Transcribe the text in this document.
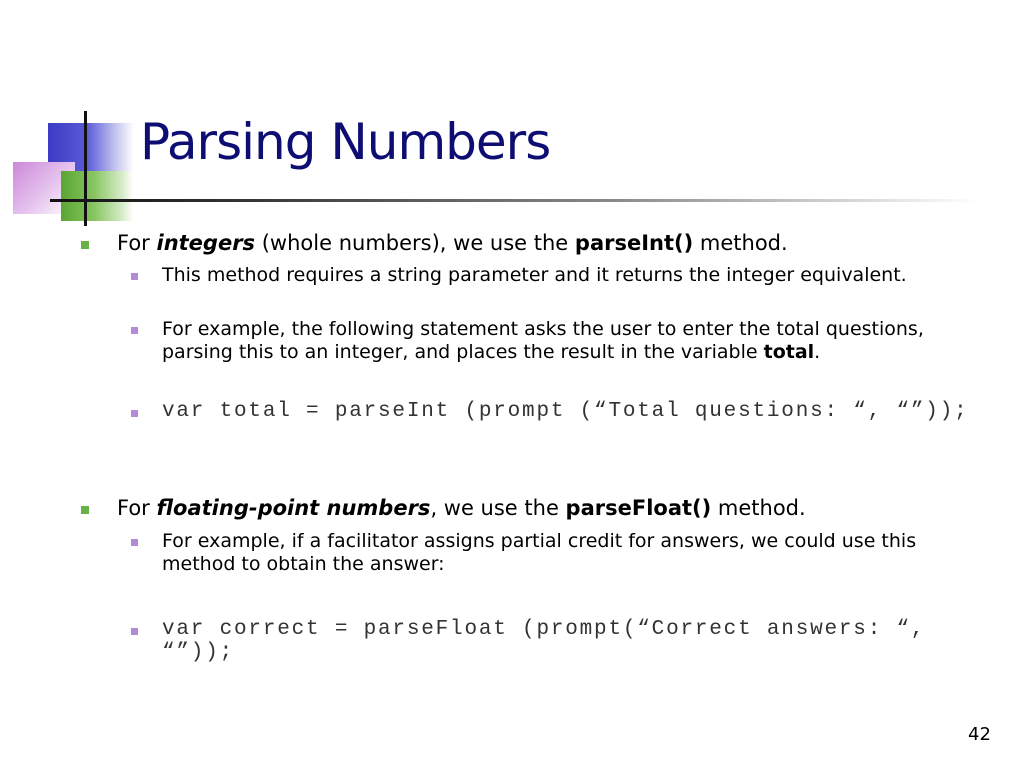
Parsing Numbers
For integers (whole numbers), we use the parseInt() method.
This method requires a string parameter and it returns the integer equivalent.
For example, the following statement asks the user to enter the total questions, parsing this to an integer, and places the result in the variable total.
var total = parseInt (prompt (“Total questions: “, “”));
For floating-point numbers, we use the parseFloat() method.
For example, if a facilitator assigns partial credit for answers, we could use this method to obtain the answer:
var correct = parseFloat (prompt(“Correct answers: “, “”));
42
